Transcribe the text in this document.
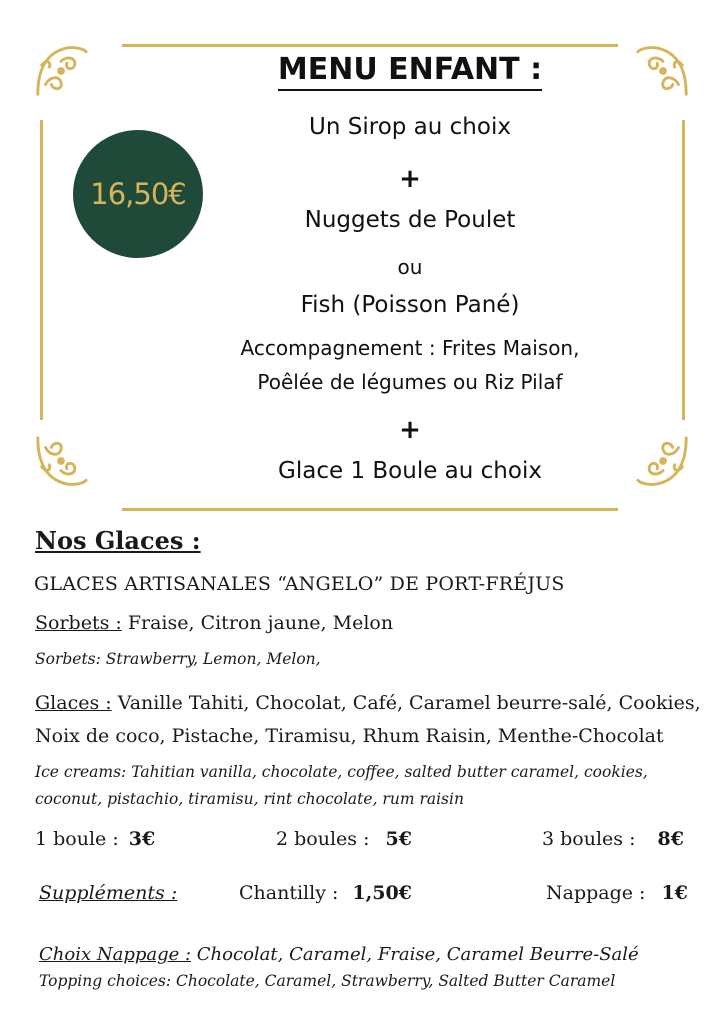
16,50€
MENU ENFANT :
Un Sirop au choix
+
Nuggets de Poulet
ou
Fish (Poisson Pané)
Accompagnement : Frites Maison,
Poêlée de légumes ou Riz Pilaf
+
Glace 1 Boule au choix
Nos Glaces :
GLACES ARTISANALES “ANGELO” DE PORT-FRÉJUS
Sorbets : Fraise, Citron jaune, Melon
Sorbets: Strawberry, Lemon, Melon,
Glaces : Vanille Tahiti, Chocolat, Café, Caramel beurre-salé, Cookies,
Noix de coco, Pistache, Tiramisu, Rhum Raisin, Menthe-Chocolat
Ice creams: Tahitian vanilla, chocolate, coffee, salted butter caramel, cookies,
coconut, pistachio, tiramisu, rint chocolate, rum raisin
1 boule : 3€	2 boules : 5€	3 boules : 8€
Suppléments :	Chantilly : 1,50€	Nappage : 1€
Choix Nappage : Chocolat, Caramel, Fraise, Caramel Beurre-Salé
Topping choices: Chocolate, Caramel, Strawberry, Salted Butter Caramel
